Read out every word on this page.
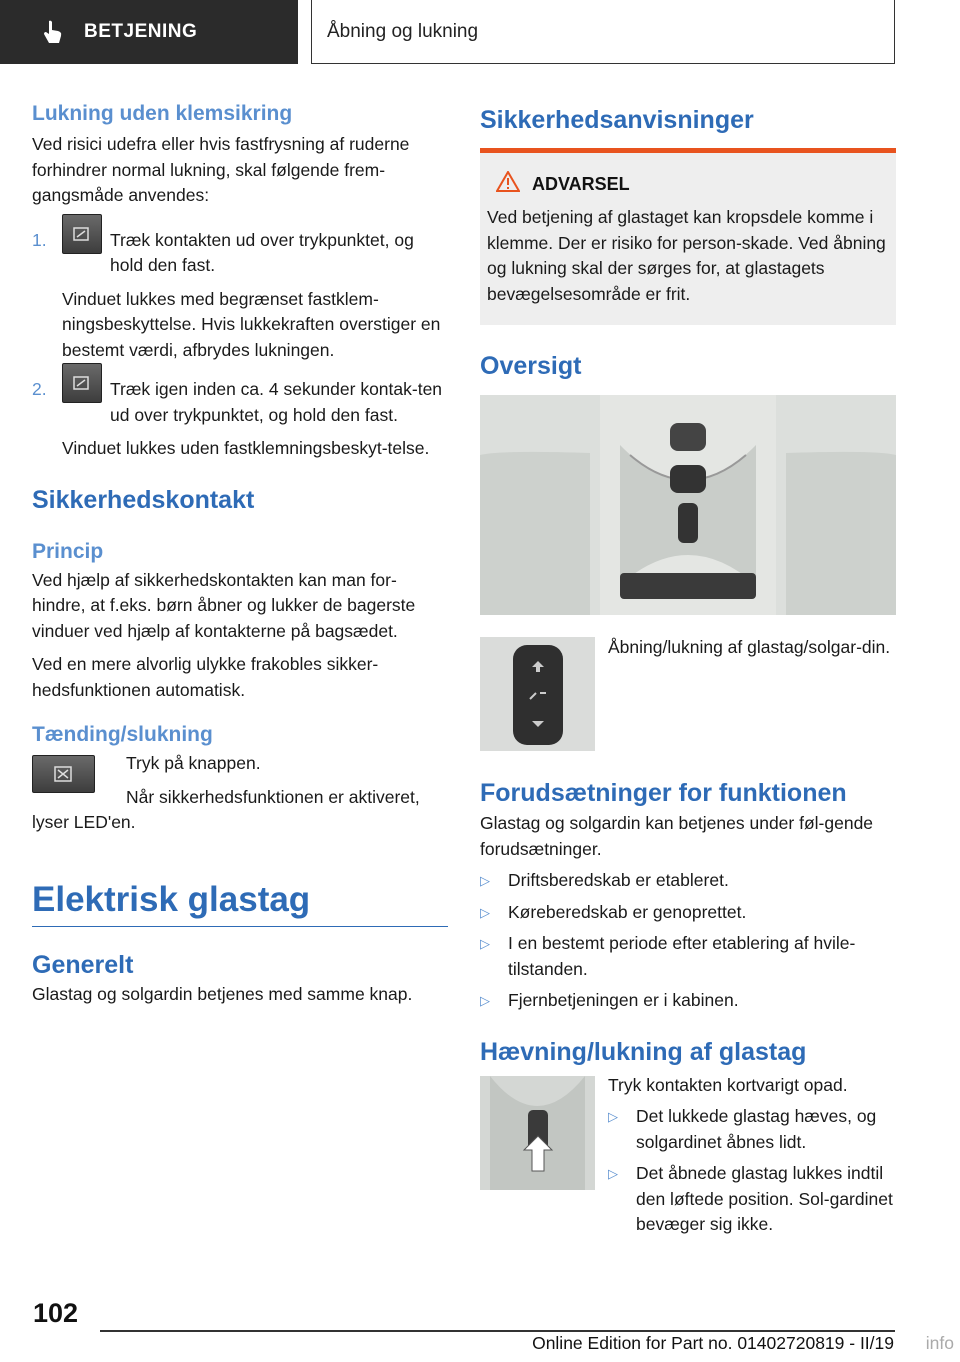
BETJENING	Åbning og lukning
Lukning uden klemsikring

Ved risici udefra eller hvis fastfrysning af ruderne forhindrer normal lukning, skal følgende frem-gangsmåde anvendes:

1.	Træk kontakten ud over trykpunktet, og hold den fast.

Vinduet lukkes med begrænset fastklem-ningsbeskyttelse. Hvis lukkekraften overstiger en bestemt værdi, afbrydes lukningen.

2.	Træk igen inden ca. 4 sekunder kontak-ten ud over trykpunktet, og hold den fast.

Vinduet lukkes uden fastklemningsbeskyt-telse.

Sikkerhedskontakt
Princip

Ved hjælp af sikkerhedskontakten kan man for-hindre, at f.eks. børn åbner og lukker de bagerste vinduer ved hjælp af kontakterne på bagsædet.

Ved en mere alvorlig ulykke frakobles sikker-hedsfunktionen automatisk.

Tænding/slukning

Tryk på knappen.

Når sikkerhedsfunktionen er aktiveret, lyser LED'en.

Elektrisk glastag
Generelt

Glastag og solgardin betjenes med samme knap.

Sikkerhedsanvisninger
ADVARSEL

Ved betjening af glastaget kan kropsdele komme i klemme. Der er risiko for person-skade. Ved åbning og lukning skal der sørges for, at glastagets bevægelsesområde er frit.

Oversigt

Åbning/lukning af glastag/solgar-din.

Forudsætninger for funktionen

Glastag og solgardin kan betjenes under føl-gende forudsætninger.

▷ Driftsberedskab er etableret.
▷ Køreberedskab er genoprettet.
▷ I en bestemt periode efter etablering af hvile-tilstanden.
▷ Fjernbetjeningen er i kabinen.
Hævning/lukning af glastag

Tryk kontakten kortvarigt opad.

▷ Det lukkede glastag hæves, og solgardinet åbnes lidt.
▷ Det åbnede glastag lukkes indtil den løftede position. Sol-gardinet bevæger sig ikke.
102
Online Edition for Part no. 01402720819 - II/19 info
